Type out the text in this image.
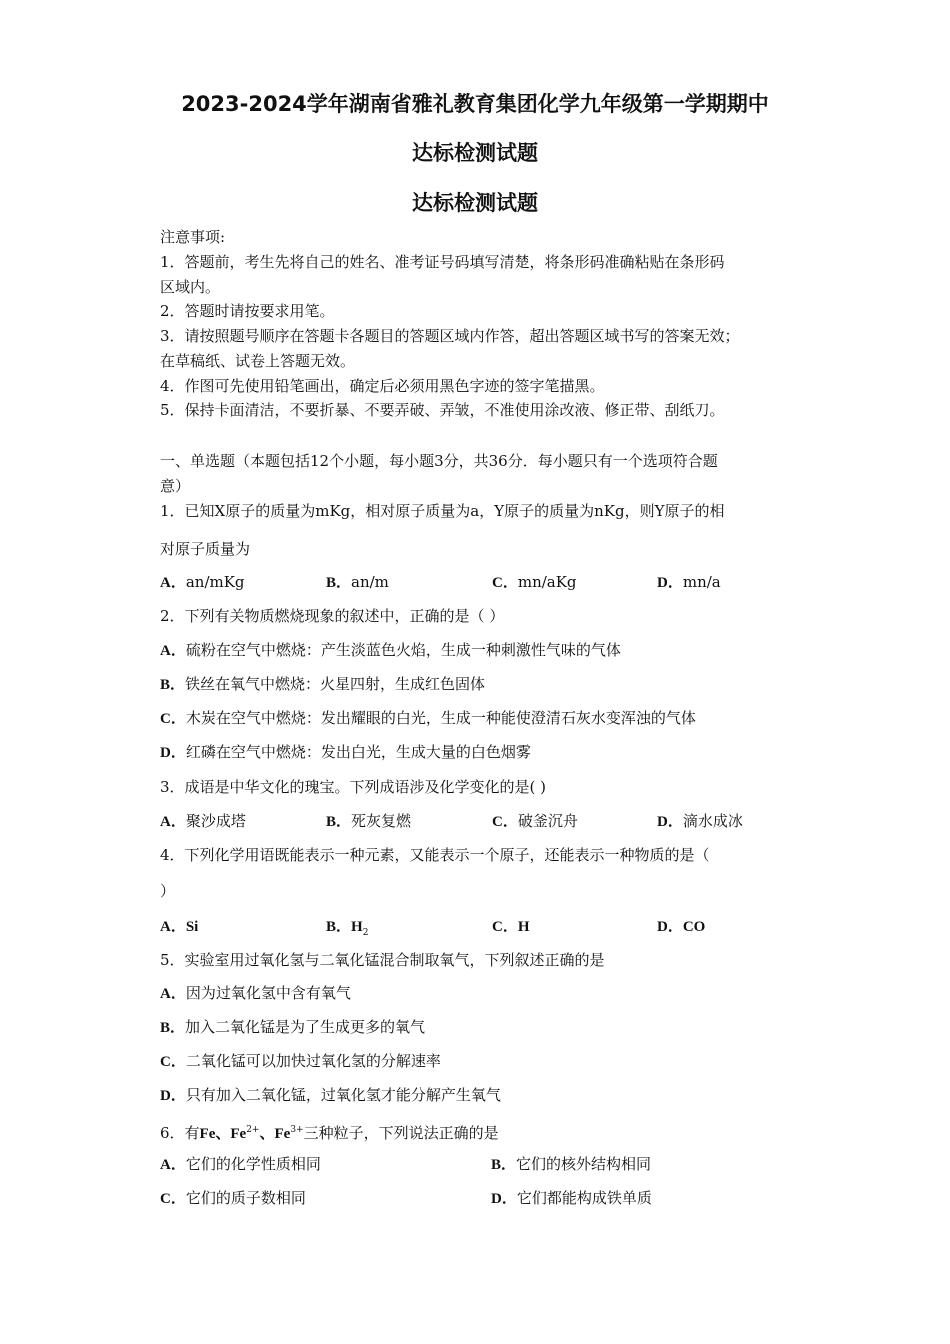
2023-2024学年湖南省雅礼教育集团化学九年级第一学期期中
达标检测试题
达标检测试题
注意事项:
1．答题前，考生先将自己的姓名、准考证号码填写清楚，将条形码准确粘贴在条形码
区域内。
2．答题时请按要求用笔。
3．请按照题号顺序在答题卡各题目的答题区域内作答，超出答题区域书写的答案无效；
在草稿纸、试卷上答题无效。
4．作图可先使用铅笔画出，确定后必须用黑色字迹的签字笔描黑。
5．保持卡面清洁，不要折暴、不要弄破、弄皱，不准使用涂改液、修正带、刮纸刀。
一、单选题（本题包括12个小题，每小题3分，共36分．每小题只有一个选项符合题
意）
1．已知X原子的质量为mKg，相对原子质量为a，Y原子的质量为nKg，则Y原子的相
对原子质量为
A．an/mKg	B．an/m	C．mn/aKg	D．mn/a
2．下列有关物质燃烧现象的叙述中，正确的是（ ）
A．硫粉在空气中燃烧：产生淡蓝色火焰，生成一种刺激性气味的气体
B．铁丝在氧气中燃烧：火星四射，生成红色固体
C．木炭在空气中燃烧：发出耀眼的白光，生成一种能使澄清石灰水变浑浊的气体
D．红磷在空气中燃烧：发出白光，生成大量的白色烟雾
3．成语是中华文化的瑰宝。下列成语涉及化学变化的是( )
A．聚沙成塔	B．死灰复燃	C．破釜沉舟	D．滴水成冰
4．下列化学用语既能表示一种元素，又能表示一个原子，还能表示一种物质的是（
）
A．Si	B．$H_2$	C．H	D．CO
5．实验室用过氧化氢与二氧化锰混合制取氧气，下列叙述正确的是
A．因为过氧化氢中含有氧气
B．加入二氧化锰是为了生成更多的氧气
C．二氧化锰可以加快过氧化氢的分解速率
D．只有加入二氧化锰，过氧化氢才能分解产生氧气
6．有Fe、$Fe^{2+}$、$Fe^{3+}$三种粒子，下列说法正确的是
A．它们的化学性质相同	B．它们的核外结构相同
C．它们的质子数相同	D．它们都能构成铁单质
